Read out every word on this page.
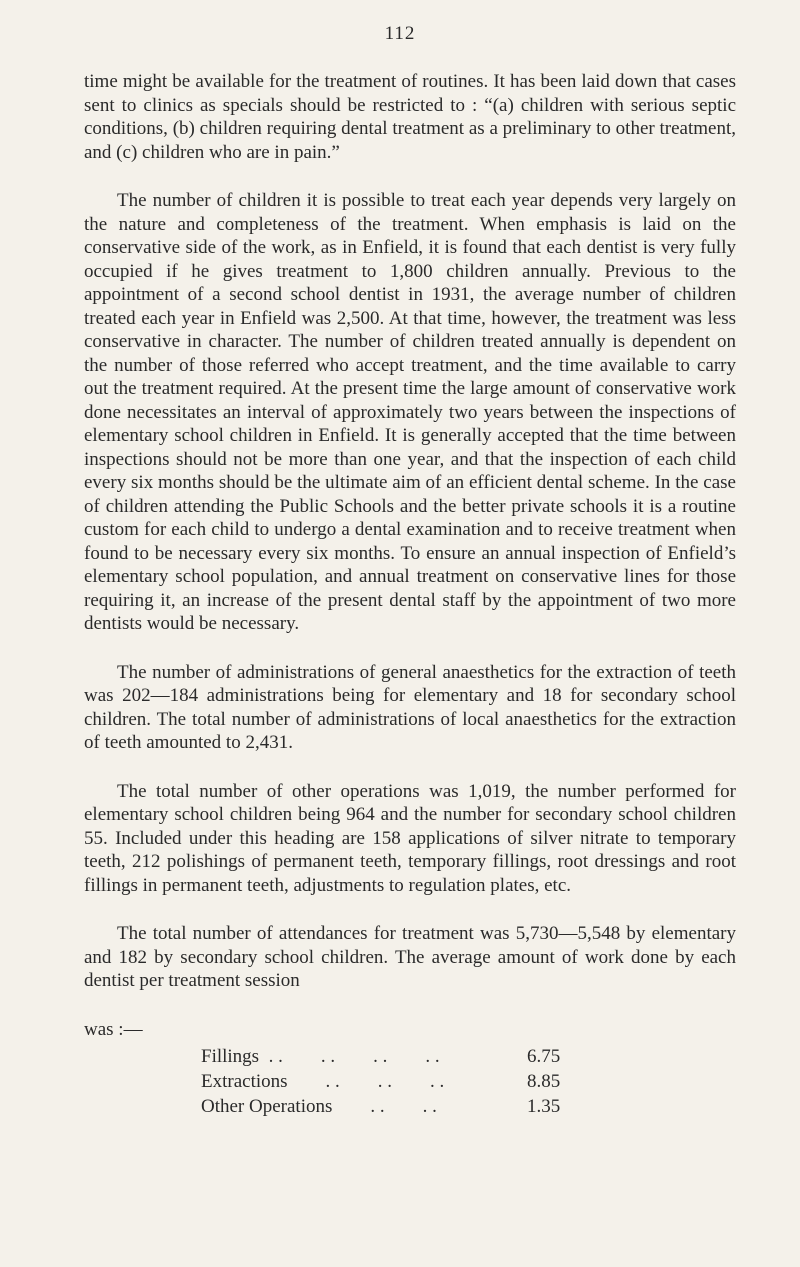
112

time might be available for the treatment of routines. It has been laid down that cases sent to clinics as specials should be restricted to : “(a) children with serious septic conditions, (b) children requiring dental treatment as a preliminary to other treatment, and (c) children who are in pain.”

The number of children it is possible to treat each year depends very largely on the nature and completeness of the treatment. When emphasis is laid on the conservative side of the work, as in Enfield, it is found that each dentist is very fully occupied if he gives treatment to 1,800 children annually. Previous to the appointment of a second school dentist in 1931, the average number of children treated each year in Enfield was 2,500. At that time, however, the treatment was less conservative in character. The number of children treated annually is dependent on the number of those referred who accept treatment, and the time available to carry out the treatment required. At the present time the large amount of conservative work done necessitates an interval of approximately two years between the inspections of elementary school children in Enfield. It is generally accepted that the time between inspections should not be more than one year, and that the inspection of each child every six months should be the ultimate aim of an efficient dental scheme. In the case of children attending the Public Schools and the better private schools it is a routine custom for each child to undergo a dental examination and to receive treatment when found to be necessary every six months. To ensure an annual inspection of Enfield’s elementary school population, and annual treatment on conservative lines for those requiring it, an increase of the present dental staff by the appointment of two more dentists would be necessary.

The number of administrations of general anaesthetics for the extraction of teeth was 202—184 administrations being for elementary and 18 for secondary school children. The total number of administrations of local anaesthetics for the extraction of teeth amounted to 2,431.

The total number of other operations was 1,019, the number performed for elementary school children being 964 and the number for secondary school children 55. Included under this heading are 158 applications of silver nitrate to temporary teeth, 212 polishings of permanent teeth, temporary fillings, root dressings and root fillings in permanent teeth, adjustments to regulation plates, etc.

The total number of attendances for treatment was 5,730—5,548 by elementary and 182 by secondary school children. The average amount of work done by each dentist per treatment session

was :—
Fillings  . .        . .        . .        . .	6.75
Extractions        . .        . .        . .	8.85
Other Operations        . .        . .	1.35
